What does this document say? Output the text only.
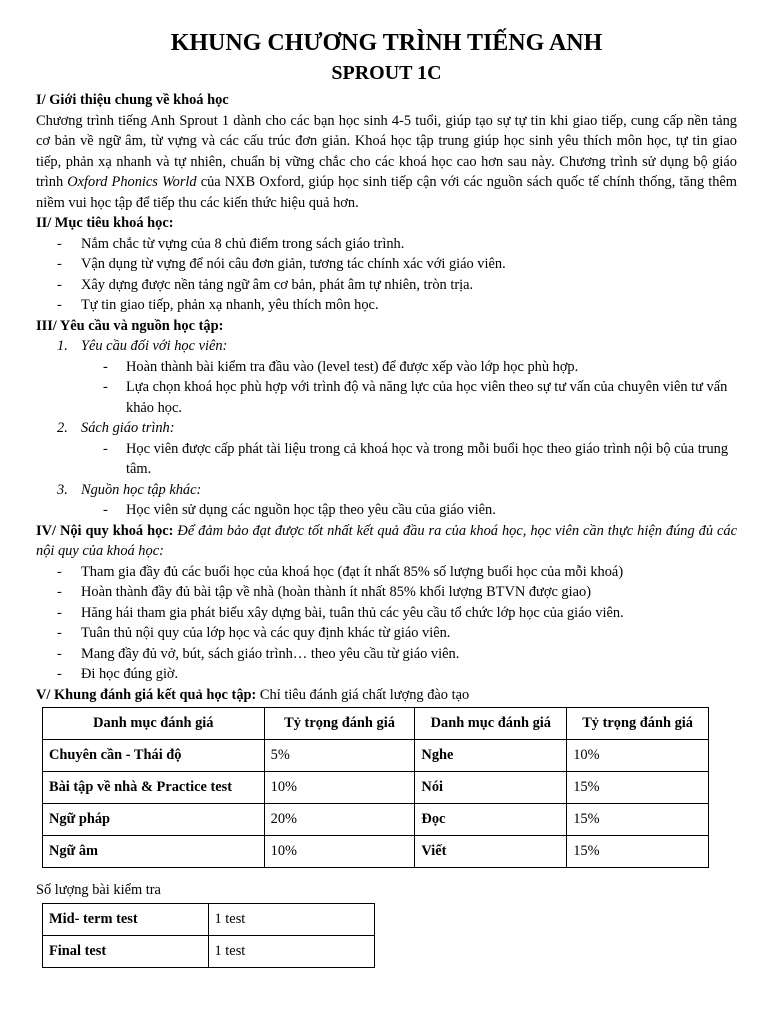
KHUNG CHƯƠNG TRÌNH TIẾNG ANH
SPROUT 1C
I/ Giới thiệu chung về khoá học

Chương trình tiếng Anh Sprout 1 dành cho các bạn học sinh 4-5 tuổi, giúp tạo sự tự tin khi giao tiếp, cung cấp nền tảng cơ bản về ngữ âm, từ vựng và các cấu trúc đơn giản. Khoá học tập trung giúp học sinh yêu thích môn học, tự tin giao tiếp, phản xạ nhanh và tự nhiên, chuẩn bị vững chắc cho các khoá học cao hơn sau này. Chương trình sử dụng bộ giáo trình Oxford Phonics World của NXB Oxford, giúp học sinh tiếp cận với các nguồn sách quốc tế chính thống, tăng thêm niềm vui học tập để tiếp thu các kiến thức hiệu quả hơn.

II/ Mục tiêu khoá học:
- Nắm chắc từ vựng của 8 chủ điểm trong sách giáo trình.
- Vận dụng từ vựng để nói câu đơn giản, tương tác chính xác với giáo viên.
- Xây dựng được nền tảng ngữ âm cơ bản, phát âm tự nhiên, tròn trịa.
- Tự tin giao tiếp, phản xạ nhanh, yêu thích môn học.
III/ Yêu cầu và nguồn học tập:
1. Yêu cầu đối với học viên:
- Hoàn thành bài kiểm tra đầu vào (level test) để được xếp vào lớp học phù hợp.
- Lựa chọn khoá học phù hợp với trình độ và năng lực của học viên theo sự tư vấn của chuyên viên tư vấn khảo học.
2. Sách giáo trình:
- Học viên được cấp phát tài liệu trong cả khoá học và trong mỗi buổi học theo giáo trình nội bộ của trung tâm.
3. Nguồn học tập khác:
- Học viên sử dụng các nguồn học tập theo yêu cầu của giáo viên.

IV/ Nội quy khoá học: Để đảm bảo đạt được tốt nhất kết quả đầu ra của khoá học, học viên cần thực hiện đúng đủ các nội quy của khoá học:

- Tham gia đầy đủ các buổi học của khoá học (đạt ít nhất 85% số lượng buổi học của mỗi khoá)
- Hoàn thành đầy đủ bài tập về nhà (hoàn thành ít nhất 85% khối lượng BTVN được giao)
- Hăng hái tham gia phát biểu xây dựng bài, tuân thủ các yêu cầu tổ chức lớp học của giáo viên.
- Tuân thủ nội quy của lớp học và các quy định khác từ giáo viên.
- Mang đầy đủ vở, bút, sách giáo trình… theo yêu cầu từ giáo viên.
- Đi học đúng giờ.
V/ Khung đánh giá kết quả học tập: Chỉ tiêu đánh giá chất lượng đào tạo
Danh mục đánh giá	Tỷ trọng đánh giá	Danh mục đánh giá	Tỷ trọng đánh giá
Chuyên cần - Thái độ	5%	Nghe	10%
Bài tập về nhà & Practice test	10%	Nói	15%
Ngữ pháp	20%	Đọc	15%
Ngữ âm	10%	Viết	15%
Số lượng bài kiểm tra
Mid- term test	1 test
Final test	1 test
